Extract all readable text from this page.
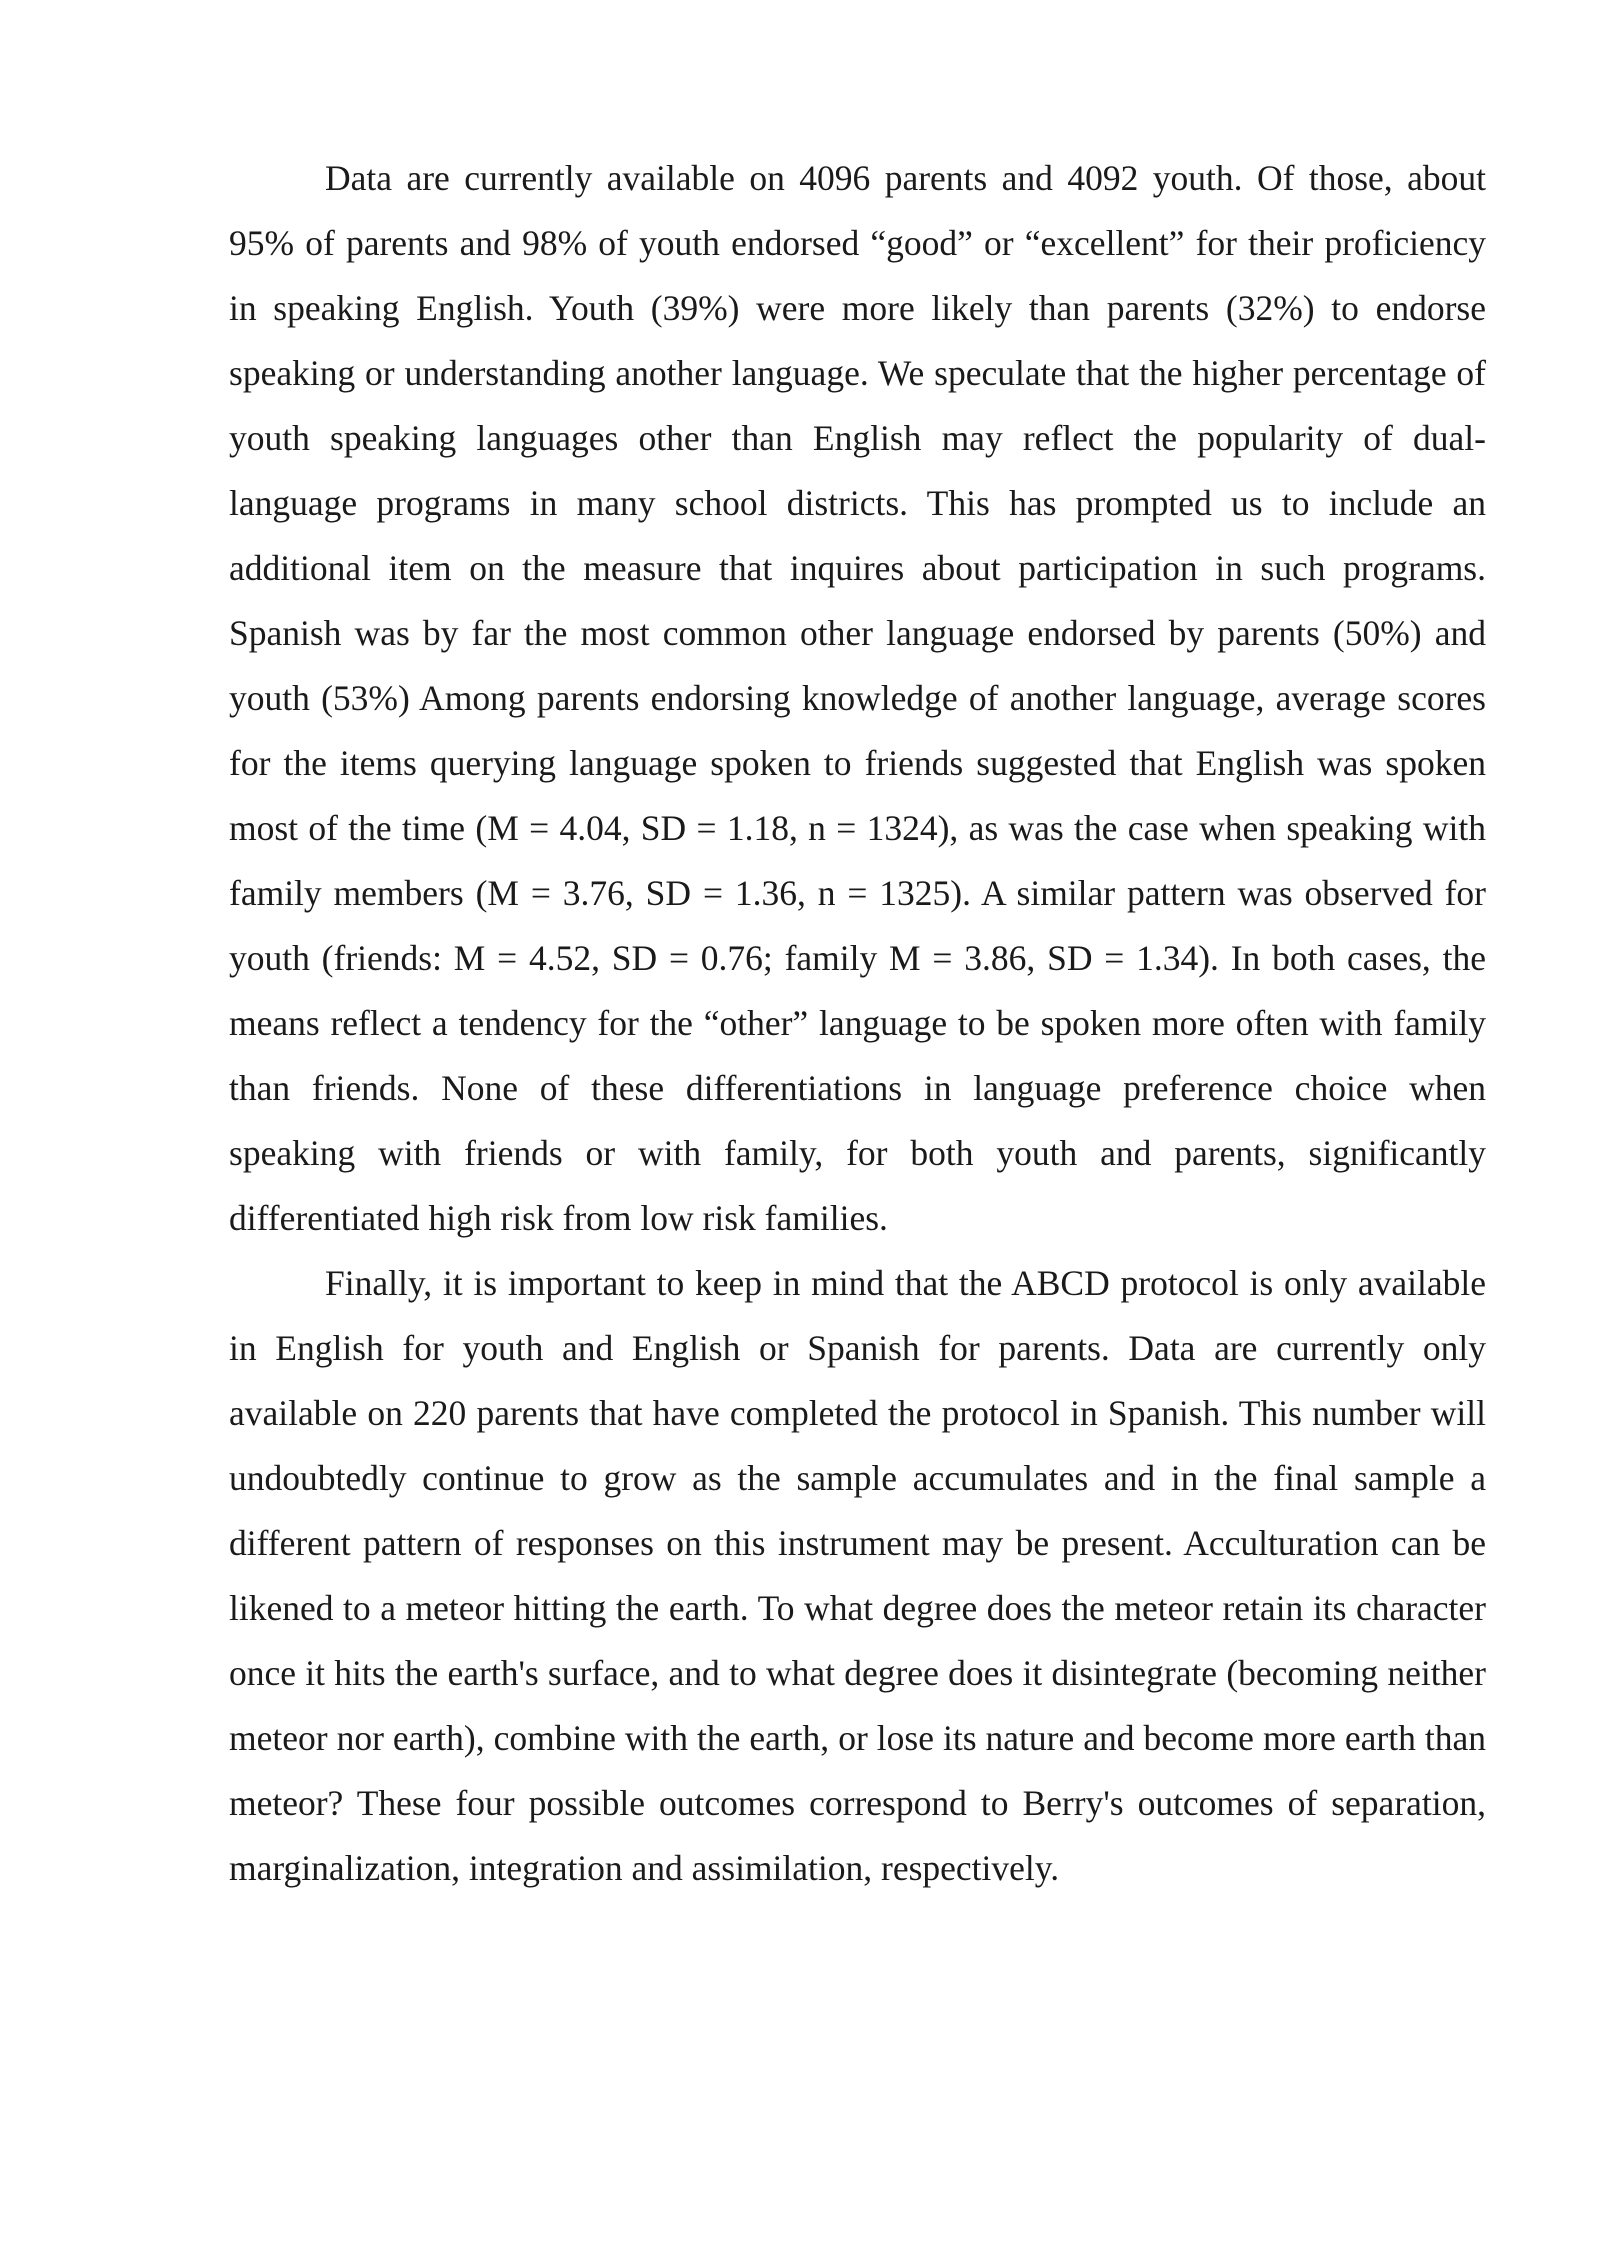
Data are currently available on 4096 parents and 4092 youth. Of those, about 95% of parents and 98% of youth endorsed “good” or “excellent” for their proficiency in speaking English. Youth (39%) were more likely than parents (32%) to endorse speaking or understanding another language. We speculate that the higher percentage of youth speaking languages other than English may reflect the popularity of dual-language programs in many school districts. This has prompted us to include an additional item on the measure that inquires about participation in such programs. Spanish was by far the most common other language endorsed by parents (50%) and youth (53%) Among parents endorsing knowledge of another language, average scores for the items querying language spoken to friends suggested that English was spoken most of the time (M = 4.04, SD = 1.18, n = 1324), as was the case when speaking with family members (M = 3.76, SD = 1.36, n = 1325). A similar pattern was observed for youth (friends: M = 4.52, SD = 0.76; family M = 3.86, SD = 1.34). In both cases, the means reflect a tendency for the “other” language to be spoken more often with family than friends. None of these differentiations in language preference choice when speaking with friends or with family, for both youth and parents, significantly differentiated high risk from low risk families.

Finally, it is important to keep in mind that the ABCD protocol is only available in English for youth and English or Spanish for parents. Data are currently only available on 220 parents that have completed the protocol in Spanish. This number will undoubtedly continue to grow as the sample accumulates and in the final sample a different pattern of responses on this instrument may be present. Acculturation can be likened to a meteor hitting the earth. To what degree does the meteor retain its character once it hits the earth's surface, and to what degree does it disintegrate (becoming neither meteor nor earth), combine with the earth, or lose its nature and become more earth than meteor? These four possible outcomes correspond to Berry's outcomes of separation, marginalization, integration and assimilation, respectively.
